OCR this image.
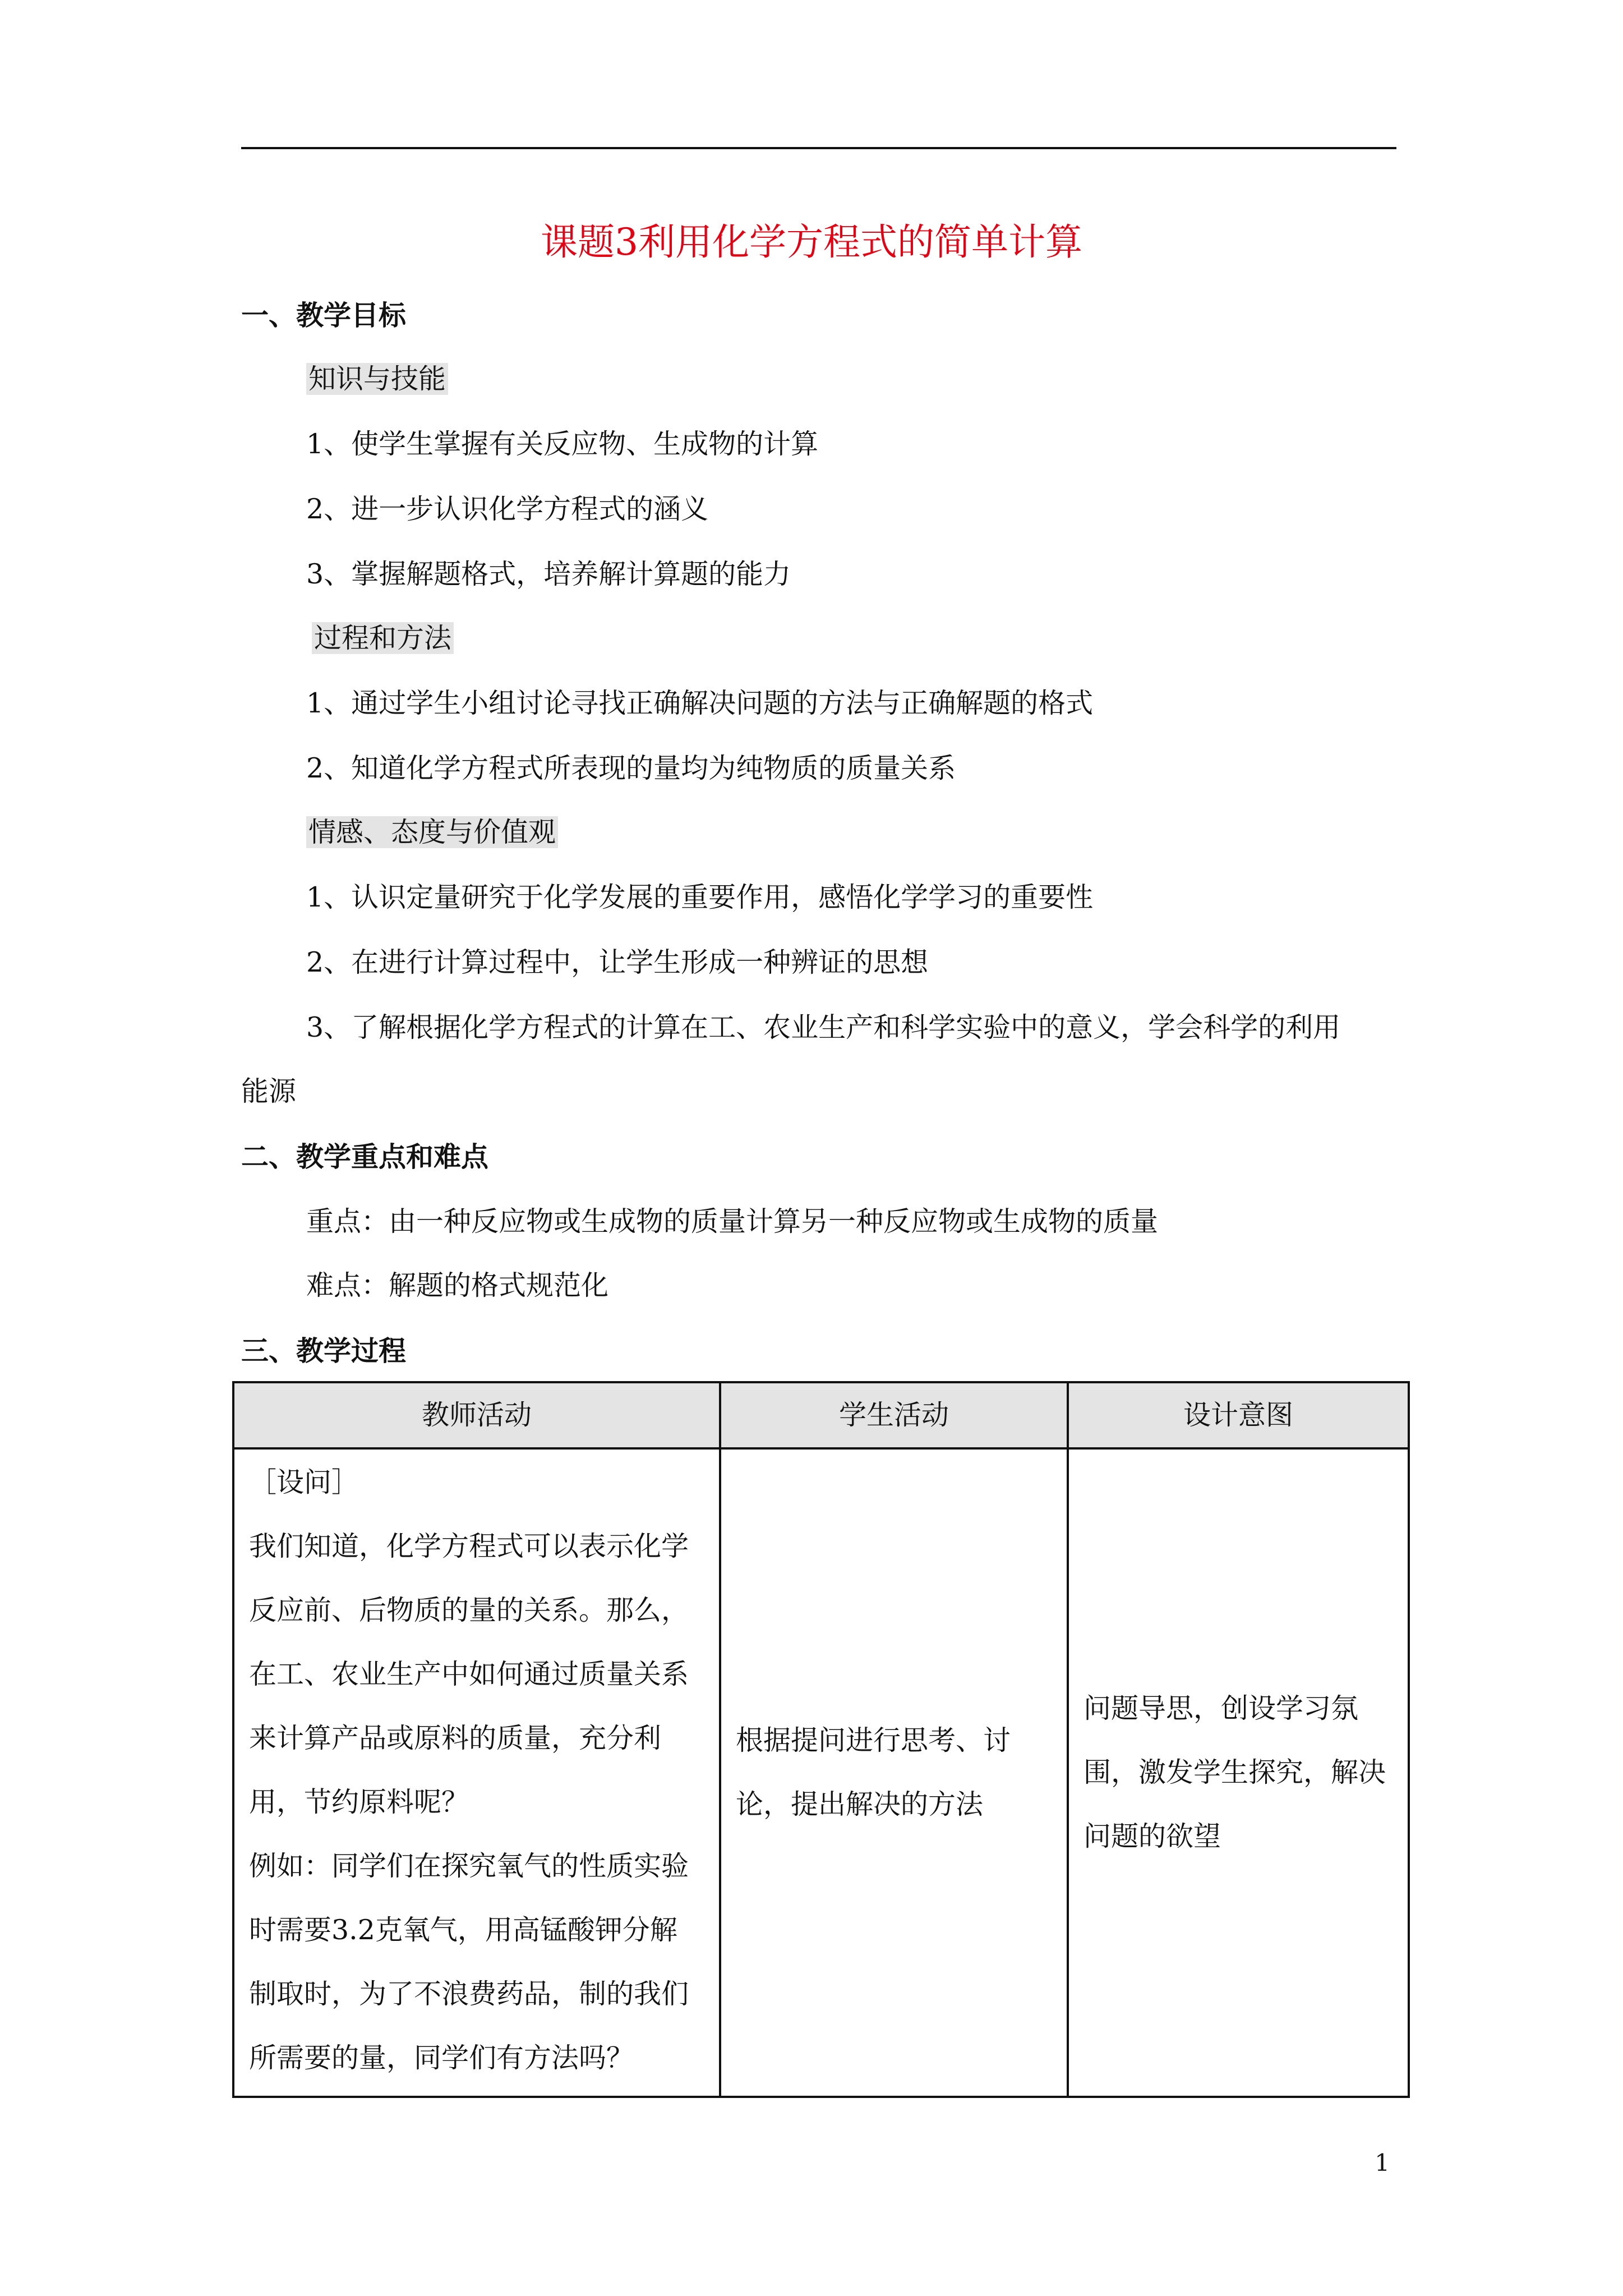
课题3利用化学方程式的简单计算
一、教学目标
知识与技能
1、使学生掌握有关反应物、生成物的计算
2、进一步认识化学方程式的涵义
3、掌握解题格式，培养解计算题的能力
过程和方法
1、通过学生小组讨论寻找正确解决问题的方法与正确解题的格式
2、知道化学方程式所表现的量均为纯物质的质量关系
情感、态度与价值观
1、认识定量研究于化学发展的重要作用，感悟化学学习的重要性
2、在进行计算过程中，让学生形成一种辨证的思想
3、了解根据化学方程式的计算在工、农业生产和科学实验中的意义，学会科学的利用
能源
二、教学重点和难点
重点：由一种反应物或生成物的质量计算另一种反应物或生成物的质量
难点：解题的格式规范化
三、教学过程
教师活动	学生活动	设计意图

［设问］
我们知道，化学方程式可以表示化学反应前、后物质的量的关系。那么，在工、农业生产中如何通过质量关系来计算产品或原料的质量，充分利用，节约原料呢？
例如：同学们在探究氧气的性质实验时需要3.2克氧气，用高锰酸钾分解制取时，为了不浪费药品，制的我们所需要的量，同学们有方法吗？	根据提问进行思考、讨论，提出解决的方法	问题导思，创设学习氛围，激发学生探究，解决问题的欲望
1
